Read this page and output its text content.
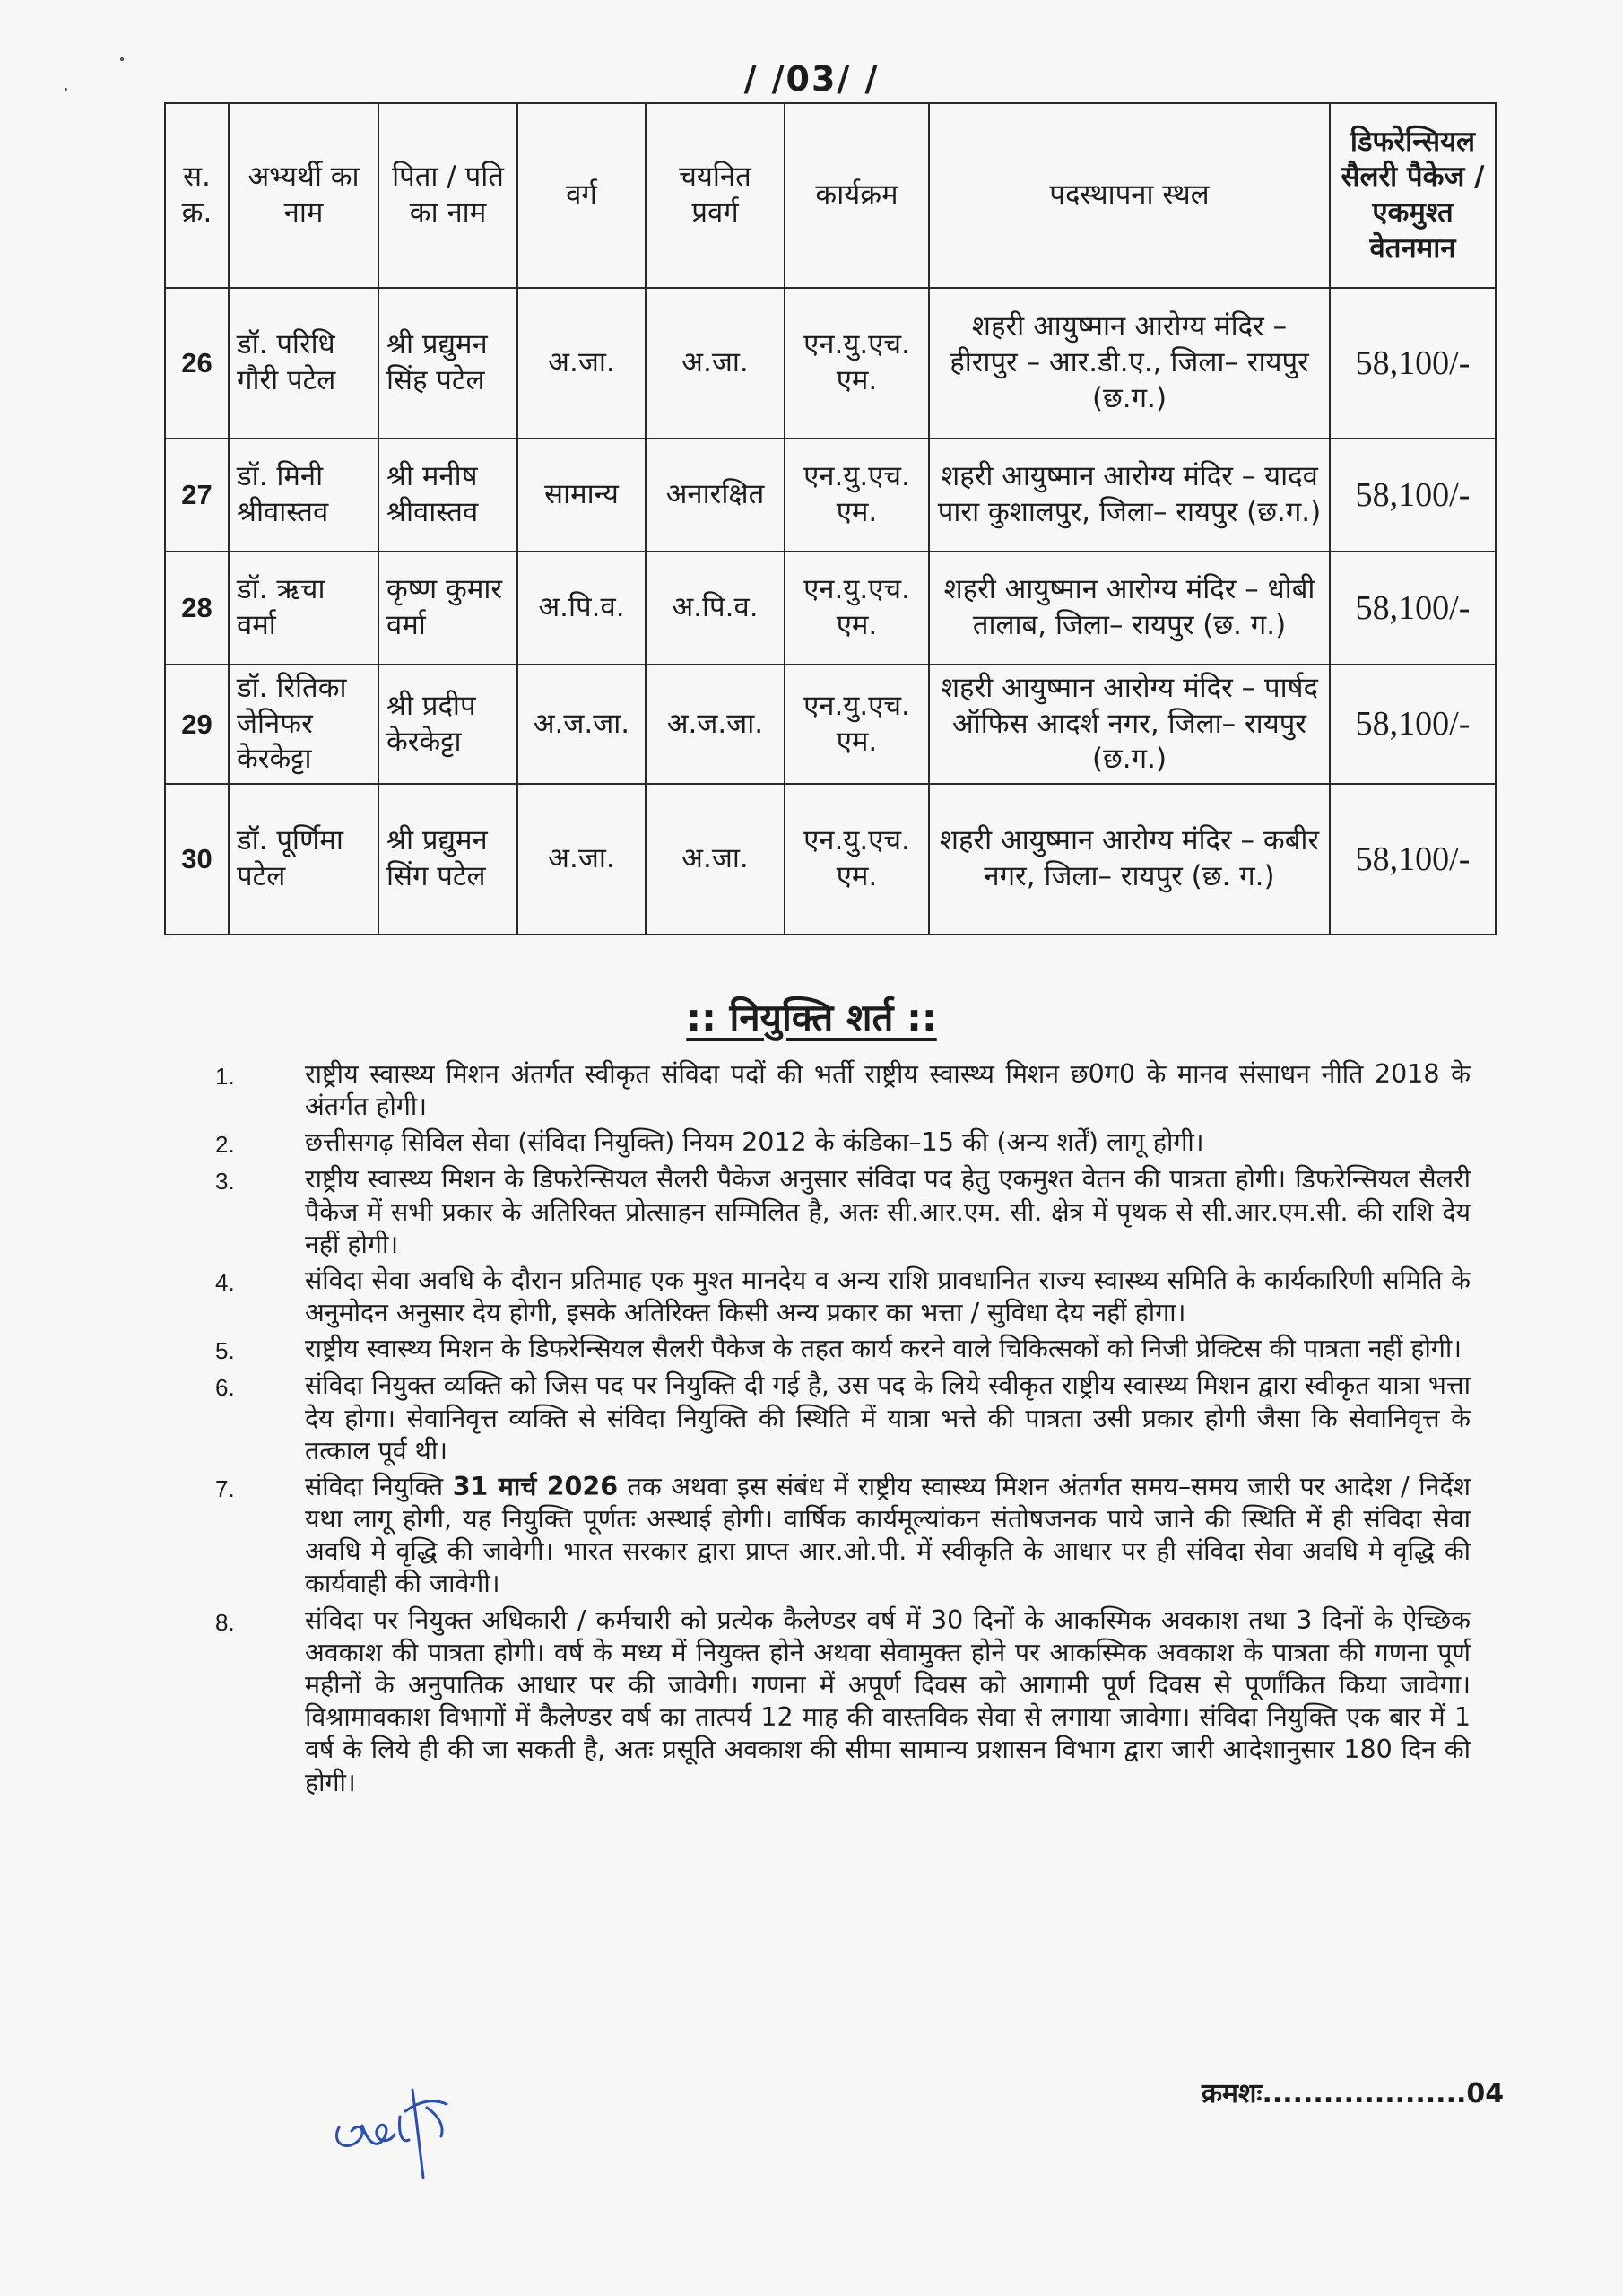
/ /03/ /
स. क्र.	अभ्यर्थी का नाम	पिता / पति का नाम	वर्ग	चयनित प्रवर्ग	कार्यक्रम	पदस्थापना स्थल	डिफरेन्सियल सैलरी पैकेज / एकमुश्त वेतनमान
26	डॉ. परिधि गौरी पटेल	श्री प्रद्युमन सिंह पटेल	अ.जा.	अ.जा.	एन.यु.एच. एम.	शहरी आयुष्मान आरोग्य मंदिर – हीरापुर – आर.डी.ए., जिला– रायपुर (छ.ग.)	58,100/-
27	डॉ. मिनी श्रीवास्तव	श्री मनीष श्रीवास्तव	सामान्य	अनारक्षित	एन.यु.एच. एम.	शहरी आयुष्मान आरोग्य मंदिर – यादव पारा कुशालपुर, जिला– रायपुर (छ.ग.)	58,100/-
28	डॉ. ऋचा वर्मा	कृष्ण कुमार वर्मा	अ.पि.व.	अ.पि.व.	एन.यु.एच. एम.	शहरी आयुष्मान आरोग्य मंदिर – धोबी तालाब, जिला– रायपुर (छ. ग.)	58,100/-
29	डॉ. रितिका जेनिफर केरकेट्टा	श्री प्रदीप केरकेट्टा	अ.ज.जा.	अ.ज.जा.	एन.यु.एच. एम.	शहरी आयुष्मान आरोग्य मंदिर – पार्षद ऑफिस आदर्श नगर, जिला– रायपुर (छ.ग.)	58,100/-
30	डॉ. पूर्णिमा पटेल	श्री प्रद्युमन सिंग पटेल	अ.जा.	अ.जा.	एन.यु.एच. एम.	शहरी आयुष्मान आरोग्य मंदिर – कबीर नगर, जिला– रायपुर (छ. ग.)	58,100/-
:: नियुक्ति शर्त ::
1.	राष्ट्रीय स्वास्थ्य मिशन अंतर्गत स्वीकृत संविदा पदों की भर्ती राष्ट्रीय स्वास्थ्य मिशन छ0ग0 के मानव संसाधन नीति 2018 के अंतर्गत होगी।
2.	छत्तीसगढ़ सिविल सेवा (संविदा नियुक्ति) नियम 2012 के कंडिका–15 की (अन्य शर्तें) लागू होगी।
3.	राष्ट्रीय स्वास्थ्य मिशन के डिफरेन्सियल सैलरी पैकेज अनुसार संविदा पद हेतु एकमुश्त वेतन की पात्रता होगी। डिफरेन्सियल सैलरी पैकेज में सभी प्रकार के अतिरिक्त प्रोत्साहन सम्मिलित है, अतः सी.आर.एम. सी. क्षेत्र में पृथक से सी.आर.एम.सी. की राशि देय नहीं होगी।
4.	संविदा सेवा अवधि के दौरान प्रतिमाह एक मुश्त मानदेय व अन्य राशि प्रावधानित राज्य स्वास्थ्य समिति के कार्यकारिणी समिति के अनुमोदन अनुसार देय होगी, इसके अतिरिक्त किसी अन्य प्रकार का भत्ता / सुविधा देय नहीं होगा।
5.	राष्ट्रीय स्वास्थ्य मिशन के डिफरेन्सियल सैलरी पैकेज के तहत कार्य करने वाले चिकित्सकों को निजी प्रेक्टिस की पात्रता नहीं होगी।
6.	संविदा नियुक्त व्यक्ति को जिस पद पर नियुक्ति दी गई है, उस पद के लिये स्वीकृत राष्ट्रीय स्वास्थ्य मिशन द्वारा स्वीकृत यात्रा भत्ता देय होगा। सेवानिवृत्त व्यक्ति से संविदा नियुक्ति की स्थिति में यात्रा भत्ते की पात्रता उसी प्रकार होगी जैसा कि सेवानिवृत्त के तत्काल पूर्व थी।
7.	संविदा नियुक्ति 31 मार्च 2026 तक अथवा इस संबंध में राष्ट्रीय स्वास्थ्य मिशन अंतर्गत समय–समय जारी पर आदेश / निर्देश यथा लागू होगी, यह नियुक्ति पूर्णतः अस्थाई होगी। वार्षिक कार्यमूल्यांकन संतोषजनक पाये जाने की स्थिति में ही संविदा सेवा अवधि मे वृद्धि की जावेगी। भारत सरकार द्वारा प्राप्त आर.ओ.पी. में स्वीकृति के आधार पर ही संविदा सेवा अवधि मे वृद्धि की कार्यवाही की जावेगी।
8.	संविदा पर नियुक्त अधिकारी / कर्मचारी को प्रत्येक कैलेण्डर वर्ष में 30 दिनों के आकस्मिक अवकाश तथा 3 दिनों के ऐच्छिक अवकाश की पात्रता होगी। वर्ष के मध्य में नियुक्त होने अथवा सेवामुक्त होने पर आकस्मिक अवकाश के पात्रता की गणना पूर्ण महीनों के अनुपातिक आधार पर की जावेगी। गणना में अपूर्ण दिवस को आगामी पूर्ण दिवस से पूर्णांकित किया जावेगा। विश्रामावकाश विभागों में कैलेण्डर वर्ष का तात्पर्य 12 माह की वास्तविक सेवा से लगाया जावेगा। संविदा नियुक्ति एक बार में 1 वर्ष के लिये ही की जा सकती है, अतः प्रसूति अवकाश की सीमा सामान्य प्रशासन विभाग द्वारा जारी आदेशानुसार 180 दिन की होगी।
क्रमशः....................04
